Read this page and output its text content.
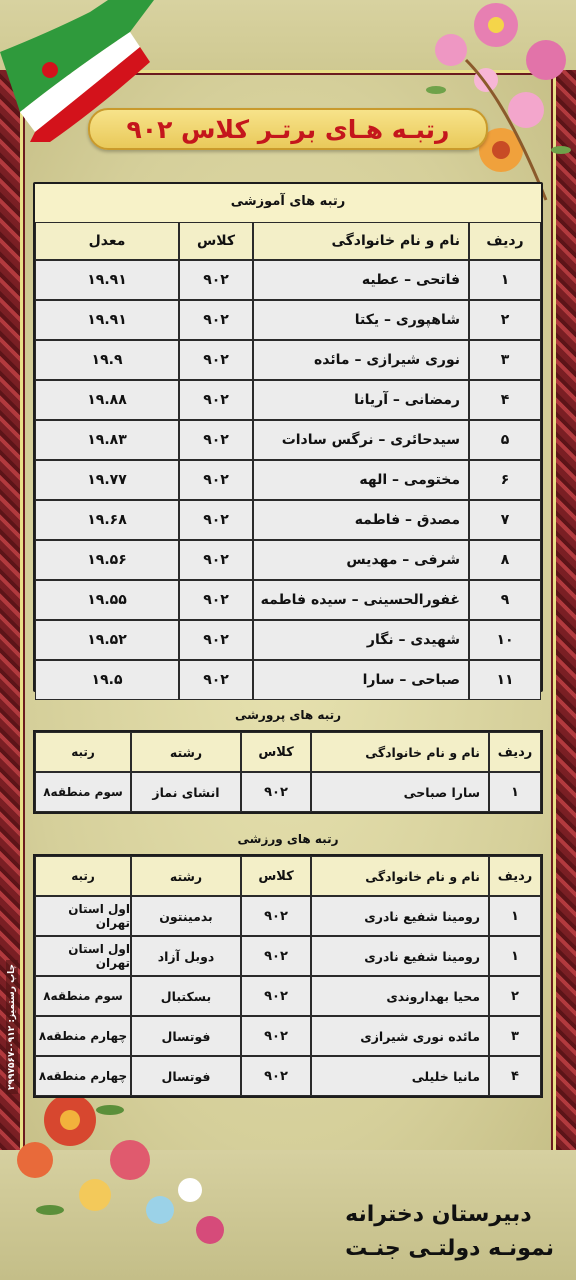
رتبـه هـای برتـر کلاس ۹۰۲
رتبه های آموزشی
ردیف
نام و نام خانوادگی
کلاس
معدل
۱
فاتحی – عطیه
۹۰۲
۱۹.۹۱
۲
شاهپوری – یکتا
۹۰۲
۱۹.۹۱
۳
نوری شیرازی – مائده
۹۰۲
۱۹.۹
۴
رمضانی – آریانا
۹۰۲
۱۹.۸۸
۵
سیدحائری – نرگس سادات
۹۰۲
۱۹.۸۳
۶
مختومی – الهه
۹۰۲
۱۹.۷۷
۷
مصدق – فاطمه
۹۰۲
۱۹.۶۸
۸
شرفی – مهدیس
۹۰۲
۱۹.۵۶
۹
غفورالحسینی – سیده فاطمه
۹۰۲
۱۹.۵۵
۱۰
شهیدی – نگار
۹۰۲
۱۹.۵۲
۱۱
صباحی – سارا
۹۰۲
۱۹.۵
رتبه های پرورشی
ردیف
نام و نام خانوادگی
کلاس
رشته
رتبه
۱
سارا صباحی
۹۰۲
انشای نماز
سوم منطقه۸
رتبه های ورزشی
ردیف
نام و نام خانوادگی
کلاس
رشته
رتبه
۱
رومینا شفیع نادری
۹۰۲
بدمینتون
اول استان تهران
۱
رومینا شفیع نادری
۹۰۲
دوبل آزاد
اول استان تهران
۲
محیا بهداروندی
۹۰۲
بسکتبال
سوم منطقه۸
۳
مائده نوری شیرازی
۹۰۲
فوتسال
چهارم منطقه۸
۴
مانیا خلیلی
۹۰۲
فوتسال
چهارم منطقه۸
چاپ رستمیز: ۰۹۱۲-۲۹۹۷۵۶۷
دبیرستان دخترانه
نمونـه دولتـی جنـت
